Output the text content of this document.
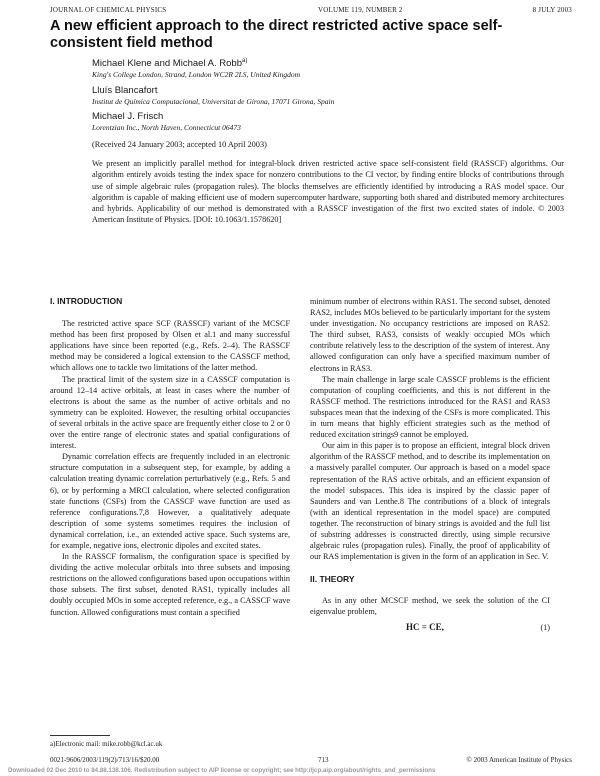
JOURNAL OF CHEMICAL PHYSICS	VOLUME 119, NUMBER 2	8 JULY 2003
A new efficient approach to the direct restricted active space self-consistent field method
Michael Klene and Michael A. Robb$^{a)}$
King's College London, Strand, London WC2R 2LS, United Kingdom
Lluís Blancafort
Institut de Química Computacional, Universitat de Girona, 17071 Girona, Spain
Michael J. Frisch
Lorentzian Inc., North Haven, Connecticut 06473
(Received 24 January 2003; accepted 10 April 2003)

We present an implicitly parallel method for integral-block driven restricted active space self-consistent field (RASSCF) algorithms. Our algorithm entirely avoids testing the index space for nonzero contributions to the CI vector, by finding entire blocks of contributions through use of simple algebraic rules (propagation rules). The blocks themselves are efficiently identified by introducing a RAS model space. Our algorithm is capable of making efficient use of modern supercomputer hardware, supporting both shared and distributed memory architectures and hybrids. Applicability of our method is demonstrated with a RASSCF investigation of the first two excited states of indole. © 2003 American Institute of Physics. [DOI: 10.1063/1.1578620]

I. INTRODUCTION

The restricted active space SCF (RASSCF) variant of the MCSCF method has been first proposed by Olsen et al.1 and many successful applications have since been reported (e.g., Refs. 2–4). The RASSCF method may be considered a logical extension to the CASSCF method, which allows one to tackle two limitations of the latter method.

The practical limit of the system size in a CASSCF computation is around 12–14 active orbitals, at least in cases where the number of electrons is about the same as the number of active orbitals and no symmetry can be exploited. However, the resulting orbital occupancies of several orbitals in the active space are frequently either close to 2 or 0 over the entire range of electronic states and spatial configurations of interest.

Dynamic correlation effects are frequently included in an electronic structure computation in a subsequent step, for example, by adding a calculation treating dynamic correlation perturbatively (e.g., Refs. 5 and 6), or by performing a MRCI calculation, where selected configuration state functions (CSFs) from the CASSCF wave function are used as reference configurations.7,8 However, a qualitatively adequate description of some systems sometimes requires the inclusion of dynamical correlation, i.e., an extended active space. Such systems are, for example, negative ions, electronic dipoles and excited states.

In the RASSCF formalism, the configuration space is specified by dividing the active molecular orbitals into three subsets and imposing restrictions on the allowed configurations based upon occupations within those subsets. The first subset, denoted RAS1, typically includes all doubly occupied MOs in some accepted reference, e.g., a CASSCF wave function. Allowed configurations must contain a specified

minimum number of electrons within RAS1. The second subset, denoted RAS2, includes MOs believed to be particularly important for the system under investigation. No occupancy restrictions are imposed on RAS2. The third subset, RAS3, consists of weakly occupied MOs which contribute relatively less to the description of the system of interest. Any allowed configuration can only have a specified maximum number of electrons in RAS3.

The main challenge in large scale CASSCF problems is the efficient computation of coupling coefficients, and this is not different in the RASSCF method. The restrictions introduced for the RAS1 and RAS3 subspaces mean that the indexing of the CSFs is more complicated. This in turn means that highly efficient strategies such as the method of reduced excitation strings9 cannot be employed.

Our aim in this paper is to propose an efficient, integral block driven algorithm of the RASSCF method, and to describe its implementation on a massively parallel computer. Our approach is based on a model space representation of the RAS active orbitals, and an efficient expansion of the model subspaces. This idea is inspired by the classic paper of Saunders and van Lenthe.8 The contributions of a block of integrals (with an identical representation in the model space) are computed together. The reconstruction of binary strings is avoided and the full list of substring addresses is constructed directly, using simple recursive algebraic rules (propagation rules). Finally, the proof of applicability of our RAS implementation is given in the form of an application in Sec. V.

II. THEORY

As in any other MCSCF method, we seek the solution of the CI eigenvalue problem,

HC = CE,	(1)
a)Electronic mail: mike.robb@kcl.ac.uk
0021-9606/2003/119(2)/713/16/$20.00	713	© 2003 American Institute of Physics
Downloaded 02 Dec 2010 to 84.88.138.106. Redistribution subject to AIP license or copyright; see http://jcp.aip.org/about/rights_and_permissions
